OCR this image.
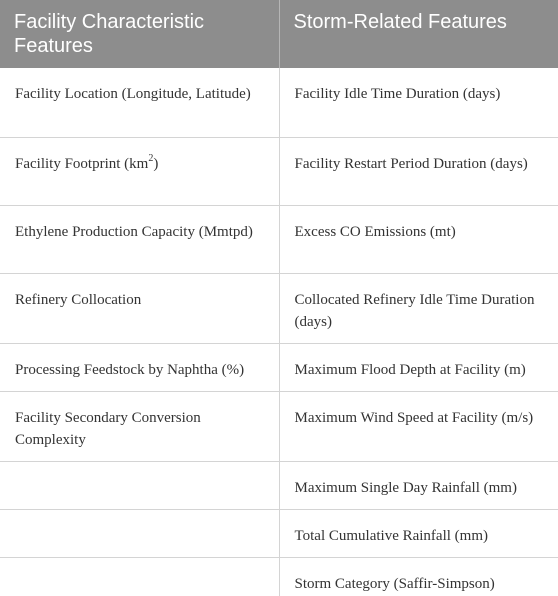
Facility Characteristic Features	Storm-Related Features
Facility Location (Longitude, Latitude)	Facility Idle Time Duration (days)
Facility Footprint $(km^2)$	Facility Restart Period Duration (days)
Ethylene Production Capacity (Mmtpd)	Excess CO Emissions (mt)
Refinery Collocation	Collocated Refinery Idle Time Duration (days)
Processing Feedstock by Naphtha (%)	Maximum Flood Depth at Facility (m)
Facility Secondary Conversion Complexity	Maximum Wind Speed at Facility (m/s)
	Maximum Single Day Rainfall (mm)
	Total Cumulative Rainfall (mm)
	Storm Category (Saffir-Simpson)
